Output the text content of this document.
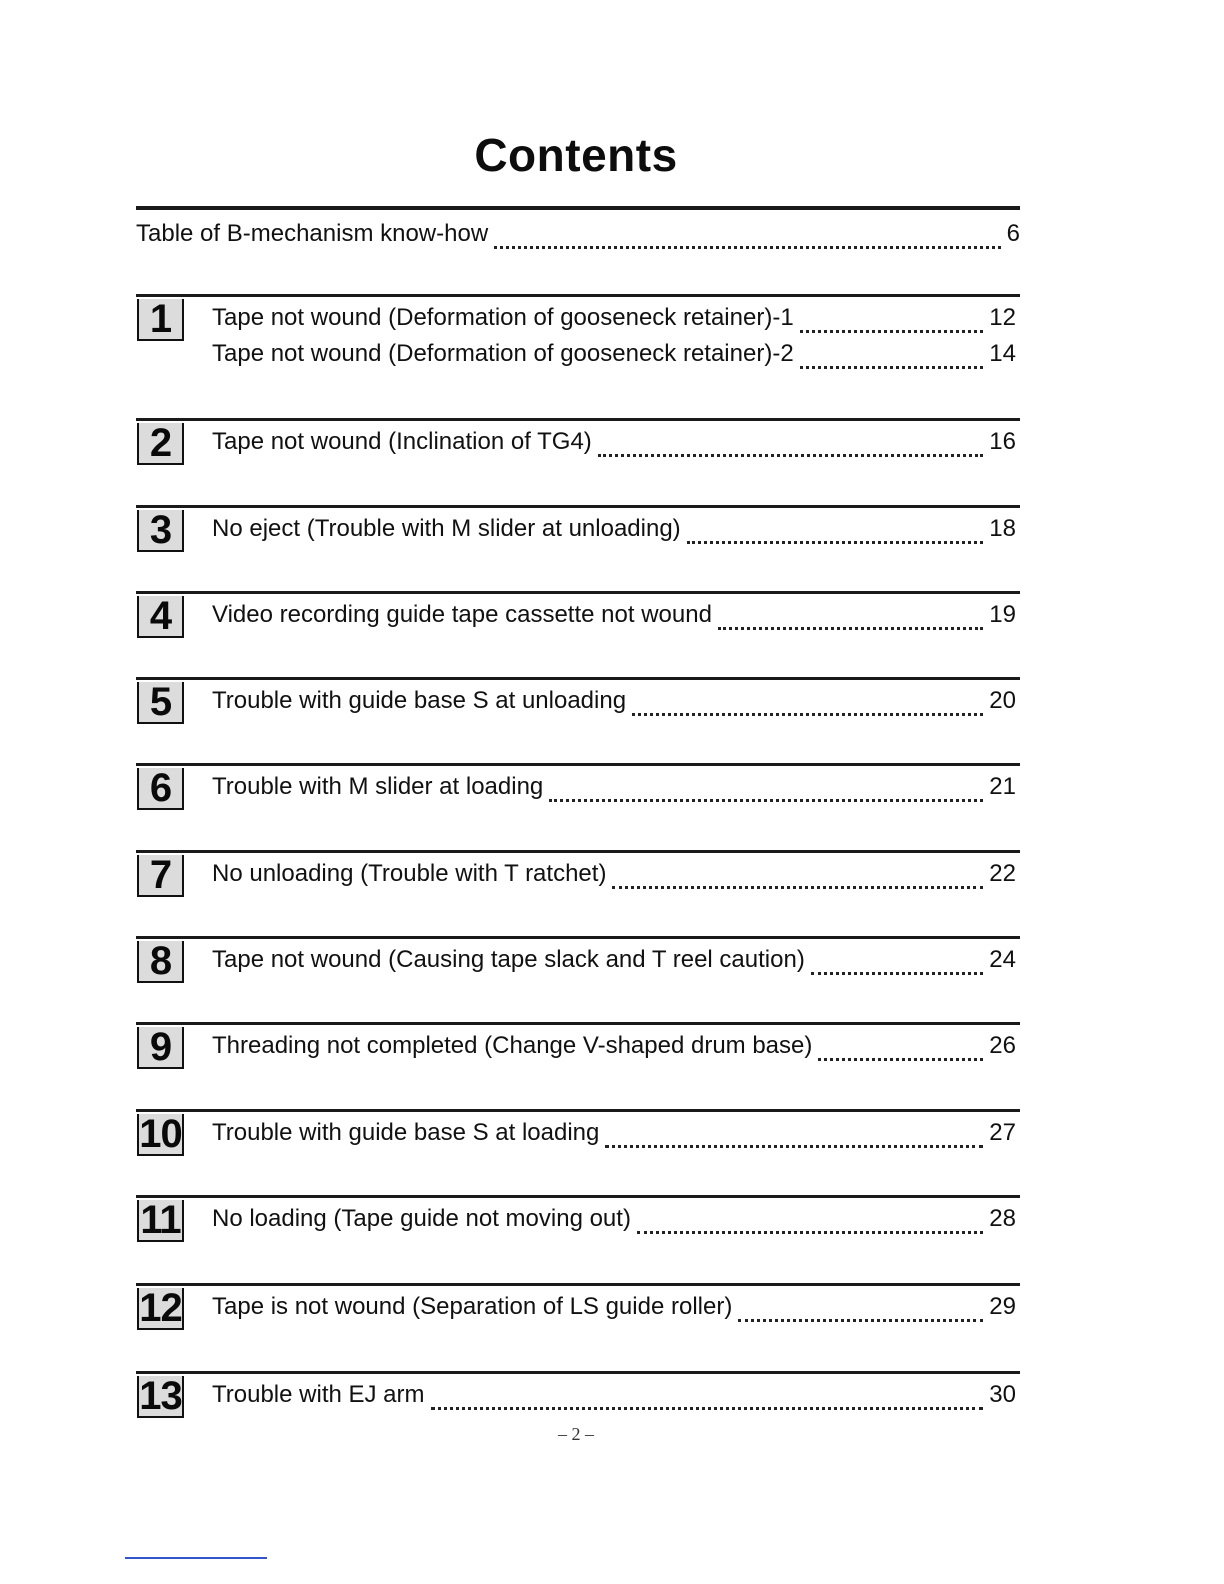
Contents
Table of B-mechanism know-how	6
1	Tape not wound (Deformation of gooseneck retainer)-1	12
Tape not wound (Deformation of gooseneck retainer)-2	14
2	Tape not wound (Inclination of TG4)	16
3	No eject (Trouble with M slider at unloading)	18
4	Video recording guide tape cassette not wound	19
5	Trouble with guide base S at unloading	20
6	Trouble with M slider at loading	21
7	No unloading (Trouble with T ratchet)	22
8	Tape not wound (Causing tape slack and T reel caution)	24
9	Threading not completed (Change V-shaped drum base)	26
10 Trouble with guide base S at loading	27
11 No loading (Tape guide not moving out)	28
12 Tape is not wound (Separation of LS guide roller)	29
13 Trouble with EJ arm	30
– 2 –
